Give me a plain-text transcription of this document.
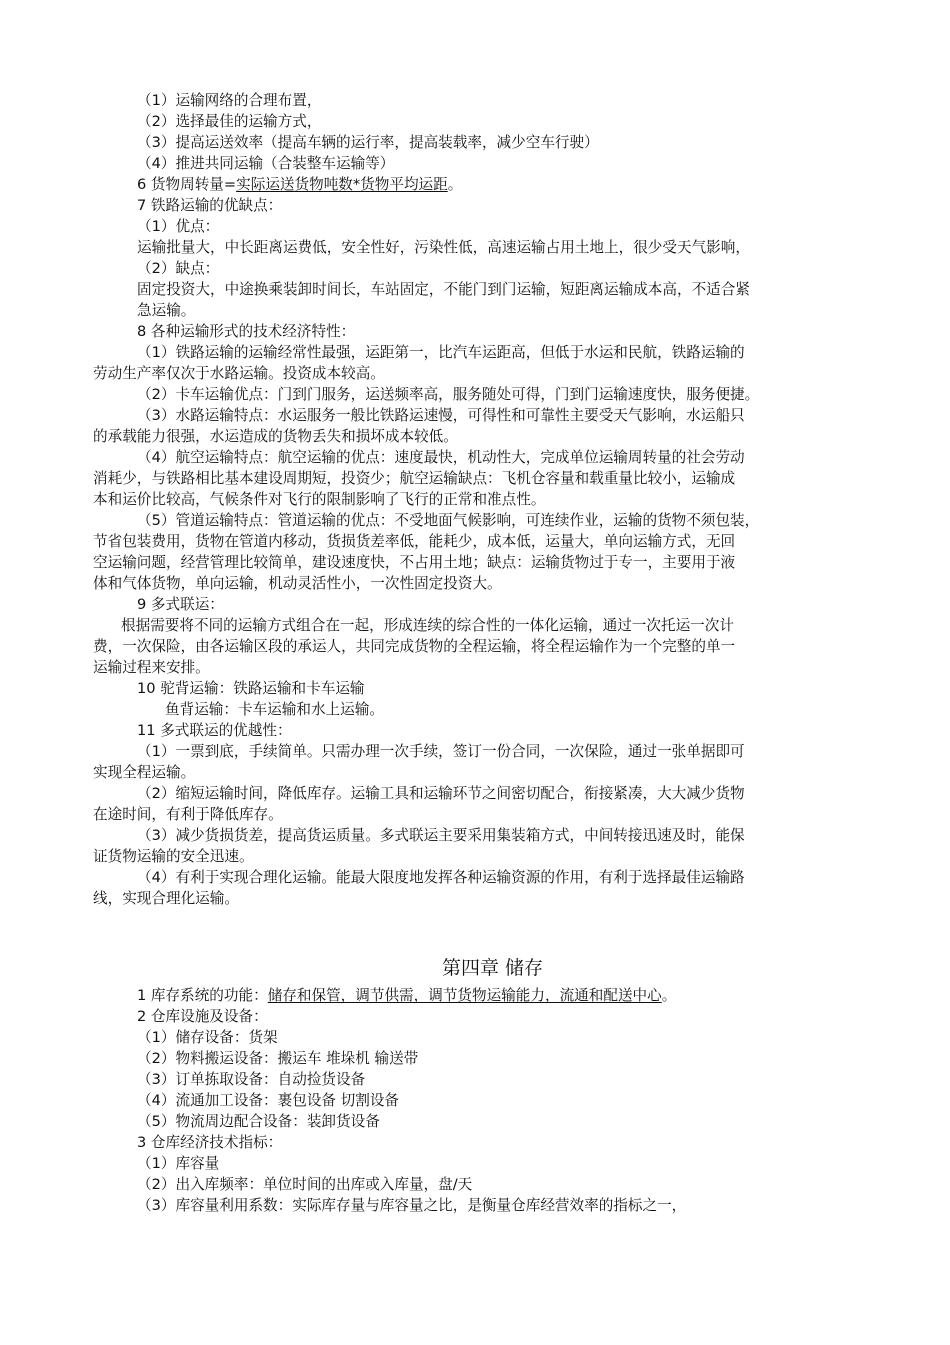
（1）运输网络的合理布置，
（2）选择最佳的运输方式，
（3）提高运送效率（提高车辆的运行率，提高装载率，减少空车行驶）
（4）推进共同运输（合装整车运输等）
6 货物周转量=实际运送货物吨数*货物平均运距。
7 铁路运输的优缺点：
（1）优点：
运输批量大，中长距离运费低，安全性好，污染性低，高速运输占用土地上，很少受天气影响，
（2）缺点：
固定投资大，中途换乘装卸时间长，车站固定，不能门到门运输，短距离运输成本高，不适合紧
急运输。
8 各种运输形式的技术经济特性：
（1）铁路运输的运输经常性最强，运距第一，比汽车运距高，但低于水运和民航，铁路运输的
劳动生产率仅次于水路运输。投资成本较高。
（2）卡车运输优点：门到门服务，运送频率高，服务随处可得，门到门运输速度快，服务便捷。
（3）水路运输特点：水运服务一般比铁路运速慢，可得性和可靠性主要受天气影响，水运船只
的承载能力很强，水运造成的货物丢失和损坏成本较低。
（4）航空运输特点：航空运输的优点：速度最快，机动性大，完成单位运输周转量的社会劳动
消耗少，与铁路相比基本建设周期短，投资少；航空运输缺点：飞机仓容量和载重量比较小，运输成
本和运价比较高，气候条件对飞行的限制影响了飞行的正常和准点性。
（5）管道运输特点：管道运输的优点：不受地面气候影响，可连续作业，运输的货物不须包装，
节省包装费用，货物在管道内移动，货损货差率低，能耗少，成本低，运量大，单向运输方式，无回
空运输问题，经营管理比较简单，建设速度快，不占用土地；缺点：运输货物过于专一，主要用于液
体和气体货物，单向运输，机动灵活性小，一次性固定投资大。
9 多式联运：
根据需要将不同的运输方式组合在一起，形成连续的综合性的一体化运输，通过一次托运一次计
费，一次保险，由各运输区段的承运人，共同完成货物的全程运输，将全程运输作为一个完整的单一
运输过程来安排。
10 驼背运输：铁路运输和卡车运输
鱼背运输：卡车运输和水上运输。
11 多式联运的优越性：
（1）一票到底，手续简单。只需办理一次手续，签订一份合同，一次保险，通过一张单据即可
实现全程运输。
（2）缩短运输时间，降低库存。运输工具和运输环节之间密切配合，衔接紧凑，大大减少货物
在途时间，有利于降低库存。
（3）减少货损货差，提高货运质量。多式联运主要采用集装箱方式，中间转接迅速及时，能保
证货物运输的安全迅速。
（4）有利于实现合理化运输。能最大限度地发挥各种运输资源的作用，有利于选择最佳运输路
线，实现合理化运输。
第四章 储存
1 库存系统的功能：储存和保管，调节供需，调节货物运输能力，流通和配送中心。
2 仓库设施及设备：
（1）储存设备：货架
（2）物料搬运设备：搬运车 堆垛机 输送带
（3）订单拣取设备：自动捡货设备
（4）流通加工设备：裹包设备 切割设备
（5）物流周边配合设备：装卸货设备
3 仓库经济技术指标：
（1）库容量
（2）出入库频率：单位时间的出库或入库量，盘/天
（3）库容量利用系数：实际库存量与库容量之比，是衡量仓库经营效率的指标之一，
